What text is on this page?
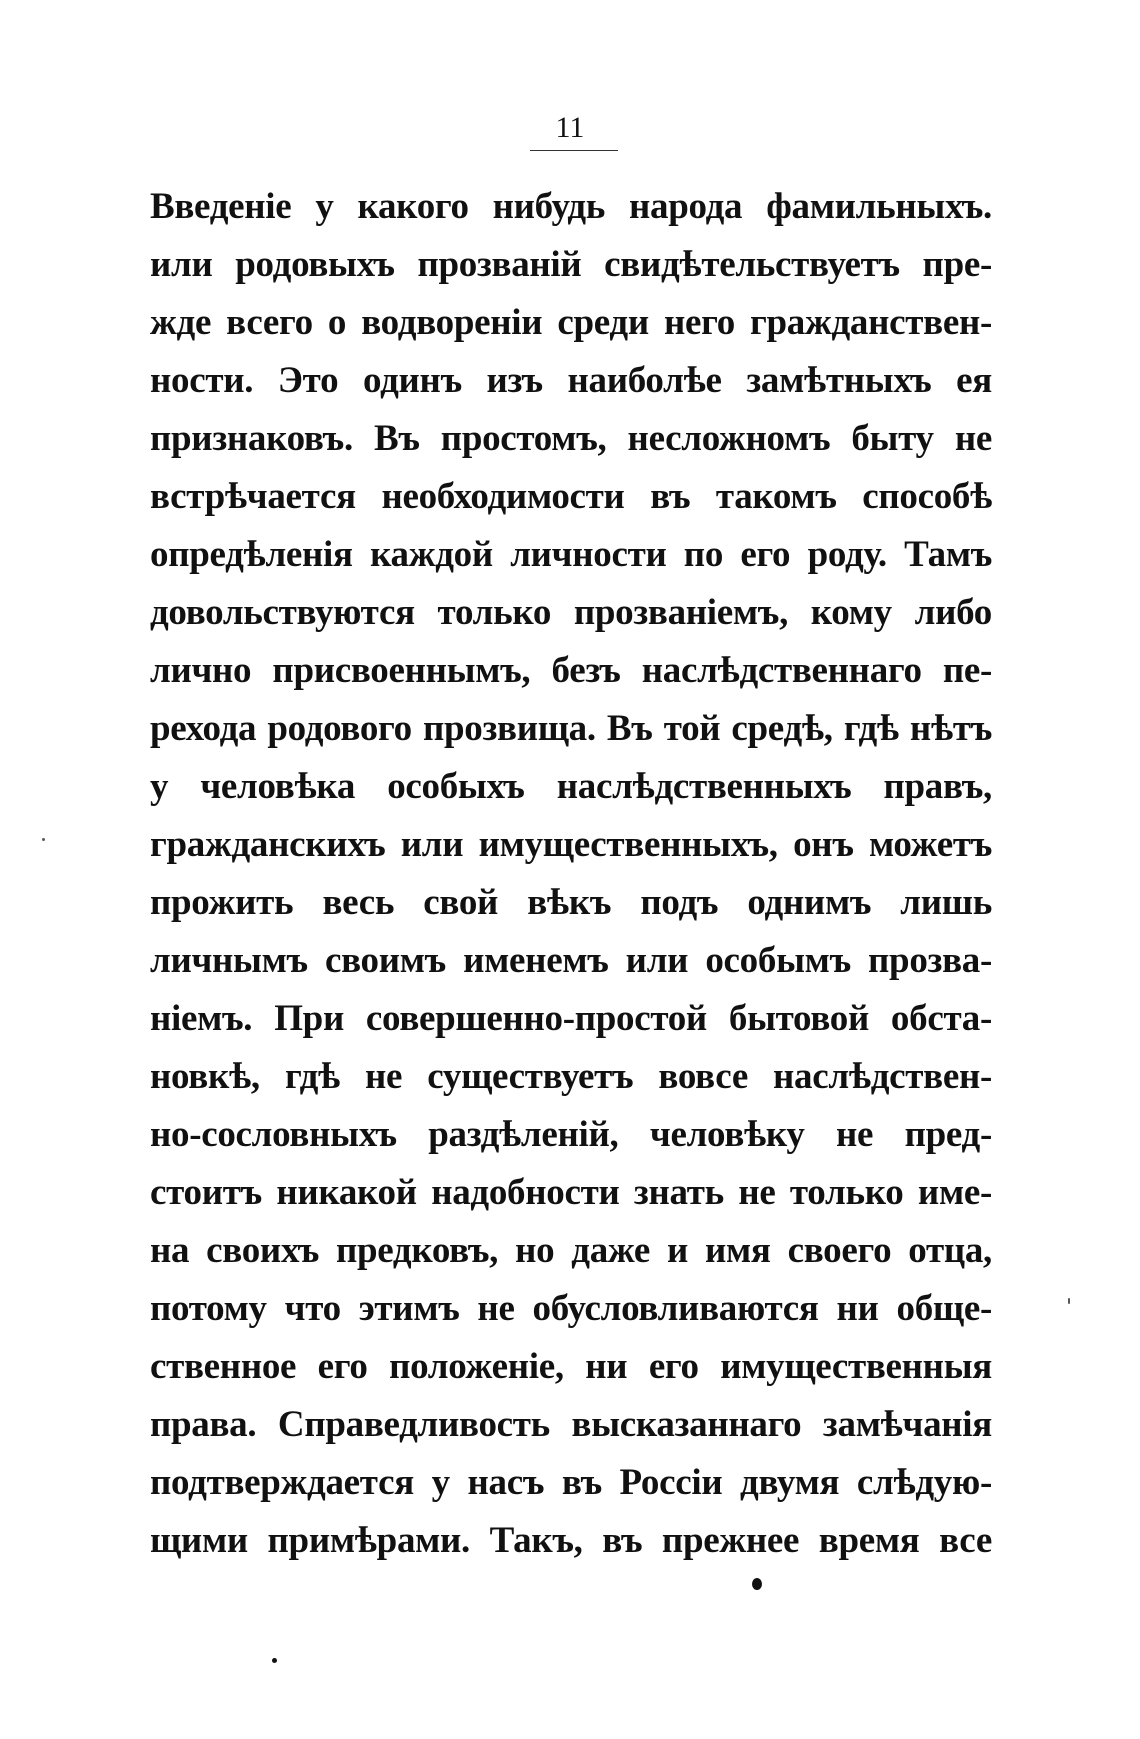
11
Введеніе у какого нибудь народа фамильныхъ.
или родовыхъ прозваній свидѣтельствуетъ пре-
жде всего о водвореніи среди него гражданствен-
ности. Это одинъ изъ наиболѣе замѣтныхъ ея
признаковъ. Въ простомъ, несложномъ быту не
встрѣчается необходимости въ такомъ способѣ
опредѣленія каждой личности по его роду. Тамъ
довольствуются только прозваніемъ, кому либо
лично присвоеннымъ, безъ наслѣдственнаго пе-
рехода родового прозвища. Въ той средѣ, гдѣ нѣтъ
у человѣка особыхъ наслѣдственныхъ правъ,
гражданскихъ или имущественныхъ, онъ можетъ
прожить весь свой вѣкъ подъ однимъ лишь
личнымъ своимъ именемъ или особымъ прозва-
ніемъ. При совершенно-простой бытовой обста-
новкѣ, гдѣ не существуетъ вовсе наслѣдствен-
но-сословныхъ раздѣленій, человѣку не пред-
стоитъ никакой надобности знать не только име-
на своихъ предковъ, но даже и имя своего отца,
потому что этимъ не обусловливаются ни обще-
ственное его положеніе, ни его имущественныя
права. Справедливость высказаннаго замѣчанія
подтверждается у насъ въ Россіи двумя слѣдую-
щими примѣрами. Такъ, въ прежнее время все
